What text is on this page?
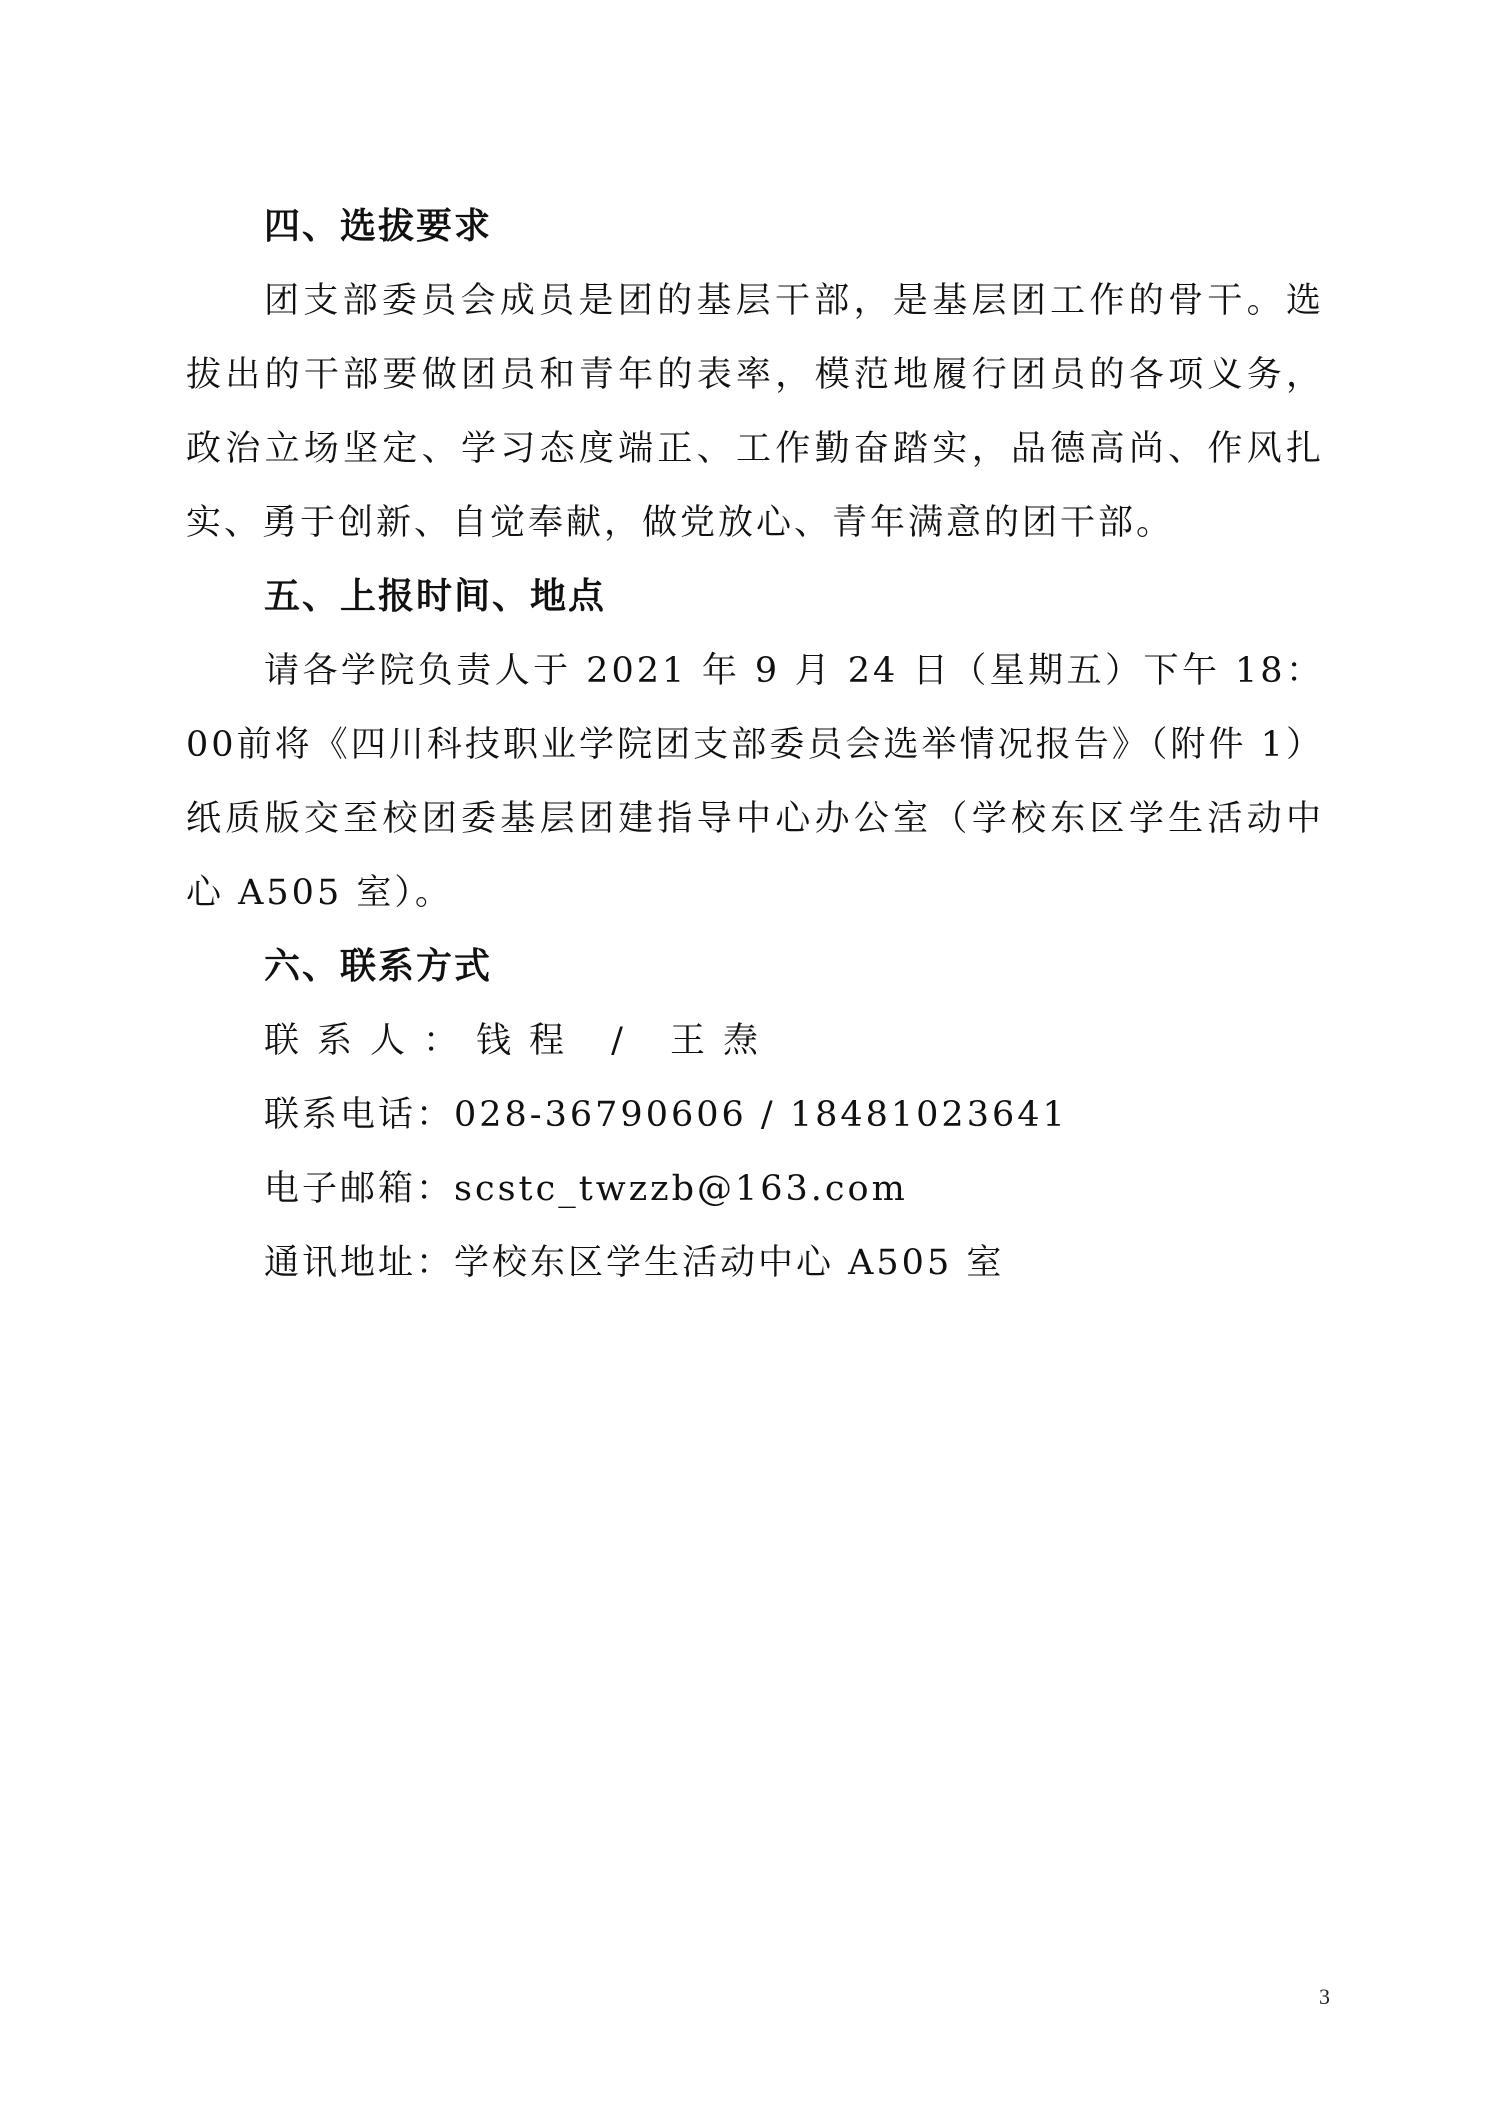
四、选拔要求
团支部委员会成员是团的基层干部，是基层团工作的骨干。选拔出的干部要做团员和青年的表率，模范地履行团员的各项义务，政治立场坚定、学习态度端正、工作勤奋踏实，品德高尚、作风扎实、勇于创新、自觉奉献，做党放心、青年满意的团干部。
五、上报时间、地点
请各学院负责人于 2021 年 9 月 24 日（星期五）下午 18：00前将《四川科技职业学院团支部委员会选举情况报告》（附件 1）纸质版交至校团委基层团建指导中心办公室（学校东区学生活动中心 A505 室）。
六、联系方式
联系人：钱程 / 王焘
联系电话：028-36790606 / 18481023641
电子邮箱：scstc_twzzb@163.com
通讯地址：学校东区学生活动中心 A505 室
3
